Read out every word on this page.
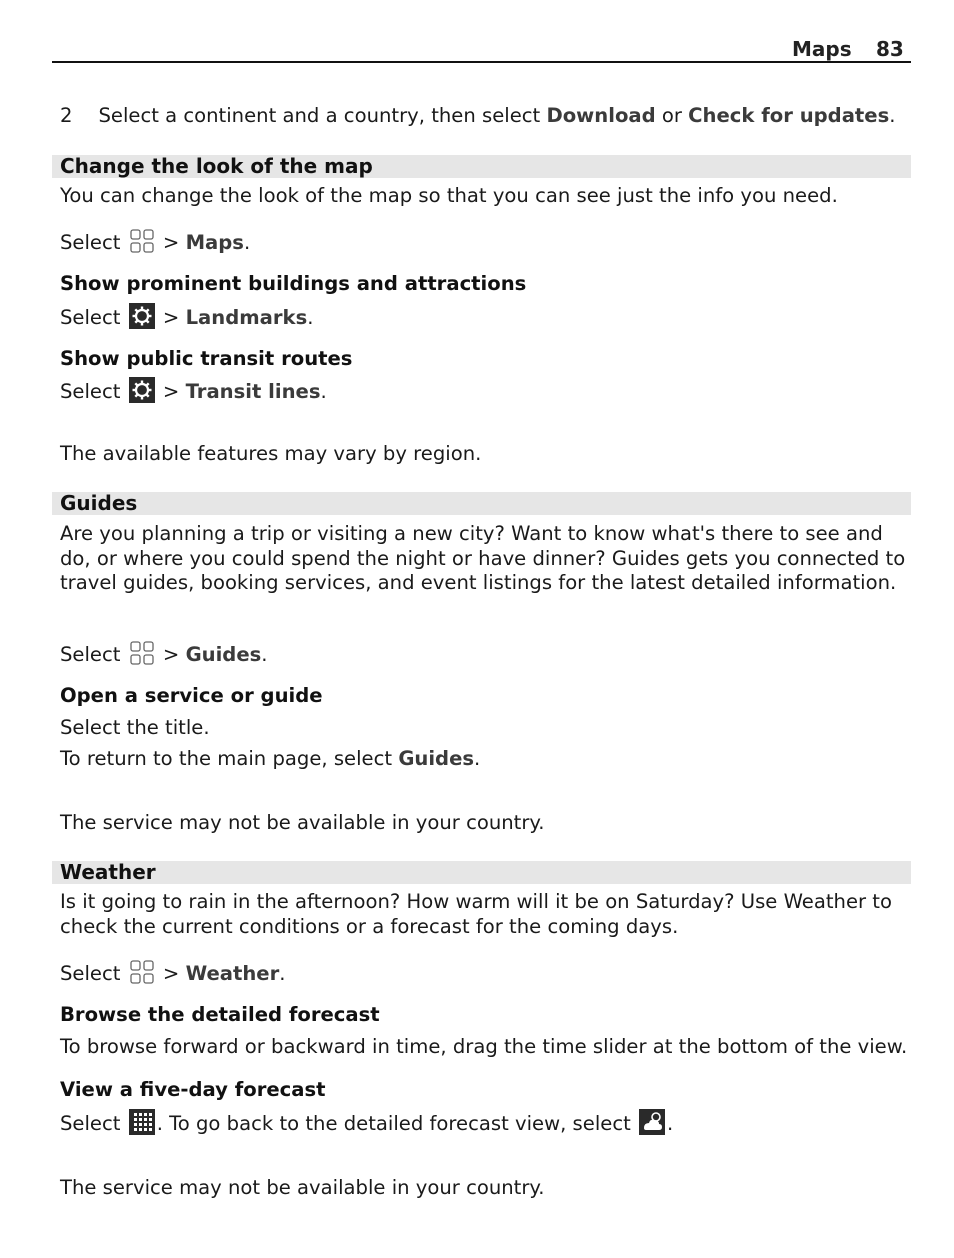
Maps 83
2 Select a continent and a country, then select Download or Check for updates.
Change the look of the map
You can change the look of the map so that you can see just the info you need.
Select  > Maps.
Show prominent buildings and attractions
Select  > Landmarks.
Show public transit routes
Select  > Transit lines.
The available features may vary by region.
Guides
Are you planning a trip or visiting a new city? Want to know what's there to see and do, or where you could spend the night or have dinner? Guides gets you connected to travel guides, booking services, and event listings for the latest detailed information.
Select  > Guides.
Open a service or guide
Select the title.
To return to the main page, select Guides.
The service may not be available in your country.
Weather
Is it going to rain in the afternoon? How warm will it be on Saturday? Use Weather to check the current conditions or a forecast for the coming days.
Select  > Weather.
Browse the detailed forecast
To browse forward or backward in time, drag the time slider at the bottom of the view.
View a five-day forecast
Select . To go back to the detailed forecast view, select .
The service may not be available in your country.
